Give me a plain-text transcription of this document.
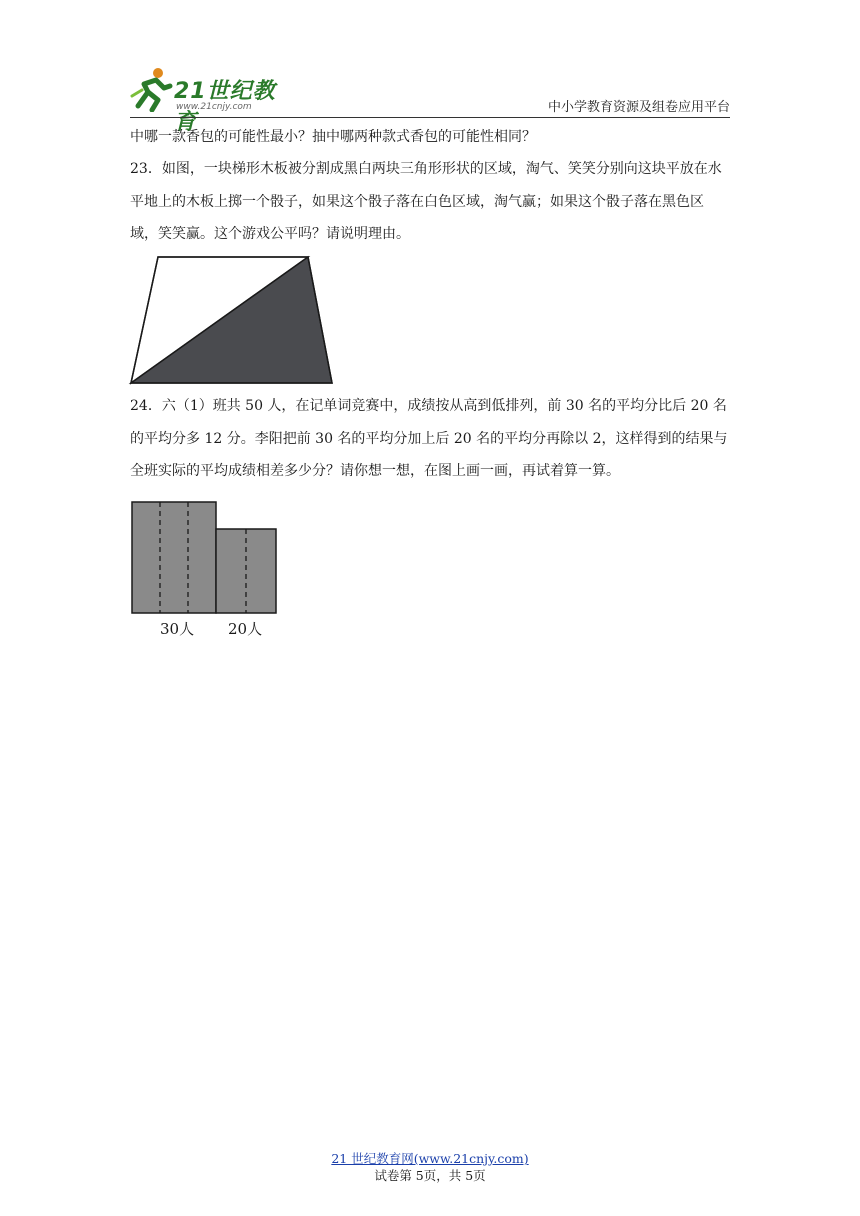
21世纪教育
www.21cnjy.com	中小学教育资源及组卷应用平台
中哪一款香包的可能性最小？抽中哪两种款式香包的可能性相同？
23．如图，一块梯形木板被分割成黑白两块三角形形状的区域，淘气、笑笑分别向这块平放在水平地上的木板上掷一个骰子，如果这个骰子落在白色区域，淘气赢；如果这个骰子落在黑色区域，笑笑赢。这个游戏公平吗？请说明理由。
24．六（1）班共 50 人，在记单词竞赛中，成绩按从高到低排列，前 30 名的平均分比后 20 名的平均分多 12 分。李阳把前 30 名的平均分加上后 20 名的平均分再除以 2，这样得到的结果与全班实际的平均成绩相差多少分？请你想一想，在图上画一画，再试着算一算。
30人 20人
21 世纪教育网(www.21cnjy.com)
试卷第 5页，共 5页
